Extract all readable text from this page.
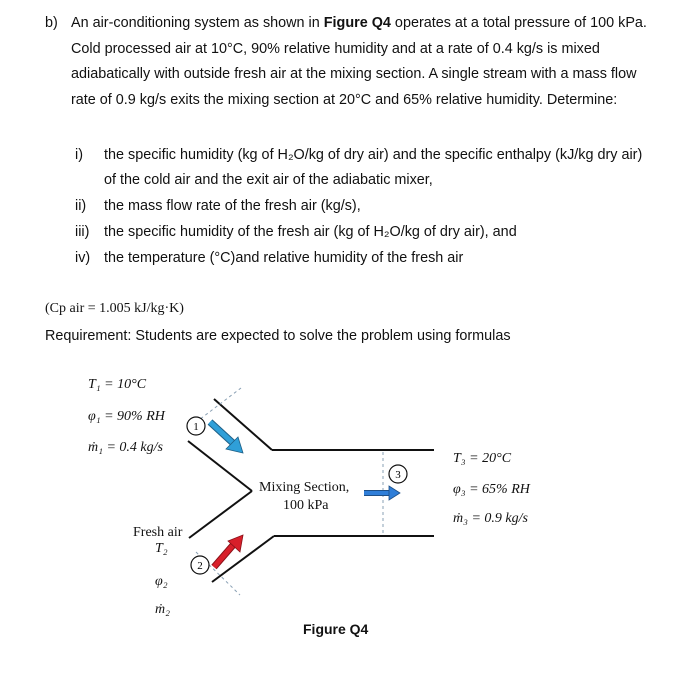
b) An air-conditioning system as shown in Figure Q4 operates at a total pressure of 100 kPa.

Cold processed air at 10°C, 90% relative humidity and at a rate of 0.4 kg/s is mixed

adiabatically with outside fresh air at the mixing section. A single stream with a mass flow

rate of 0.9 kg/s exits the mixing section at 20°C and 65% relative humidity. Determine:

i) the specific humidity (kg of H₂O/kg of dry air) and the specific enthalpy (kJ/kg dry air)
of the cold air and the exit air of the adiabatic mixer,
ii) the mass flow rate of the fresh air (kg/s),
iii) the specific humidity of the fresh air (kg of H₂O/kg of dry air), and
iv) the temperature (°C)and relative humidity of the fresh air
(Cp air = 1.005 kJ/kg·K)
Requirement: Students are expected to solve the problem using formulas
1
2
3
T₁ = 10°C
φ₁ = 90% RH
ṁ₁ = 0.4 kg/s
Fresh air
T₂
φ₂
ṁ₂
Mixing Section,
100 kPa
T₃ = 20°C
φ₃ = 65% RH
ṁ₃ = 0.9 kg/s
Figure Q4
